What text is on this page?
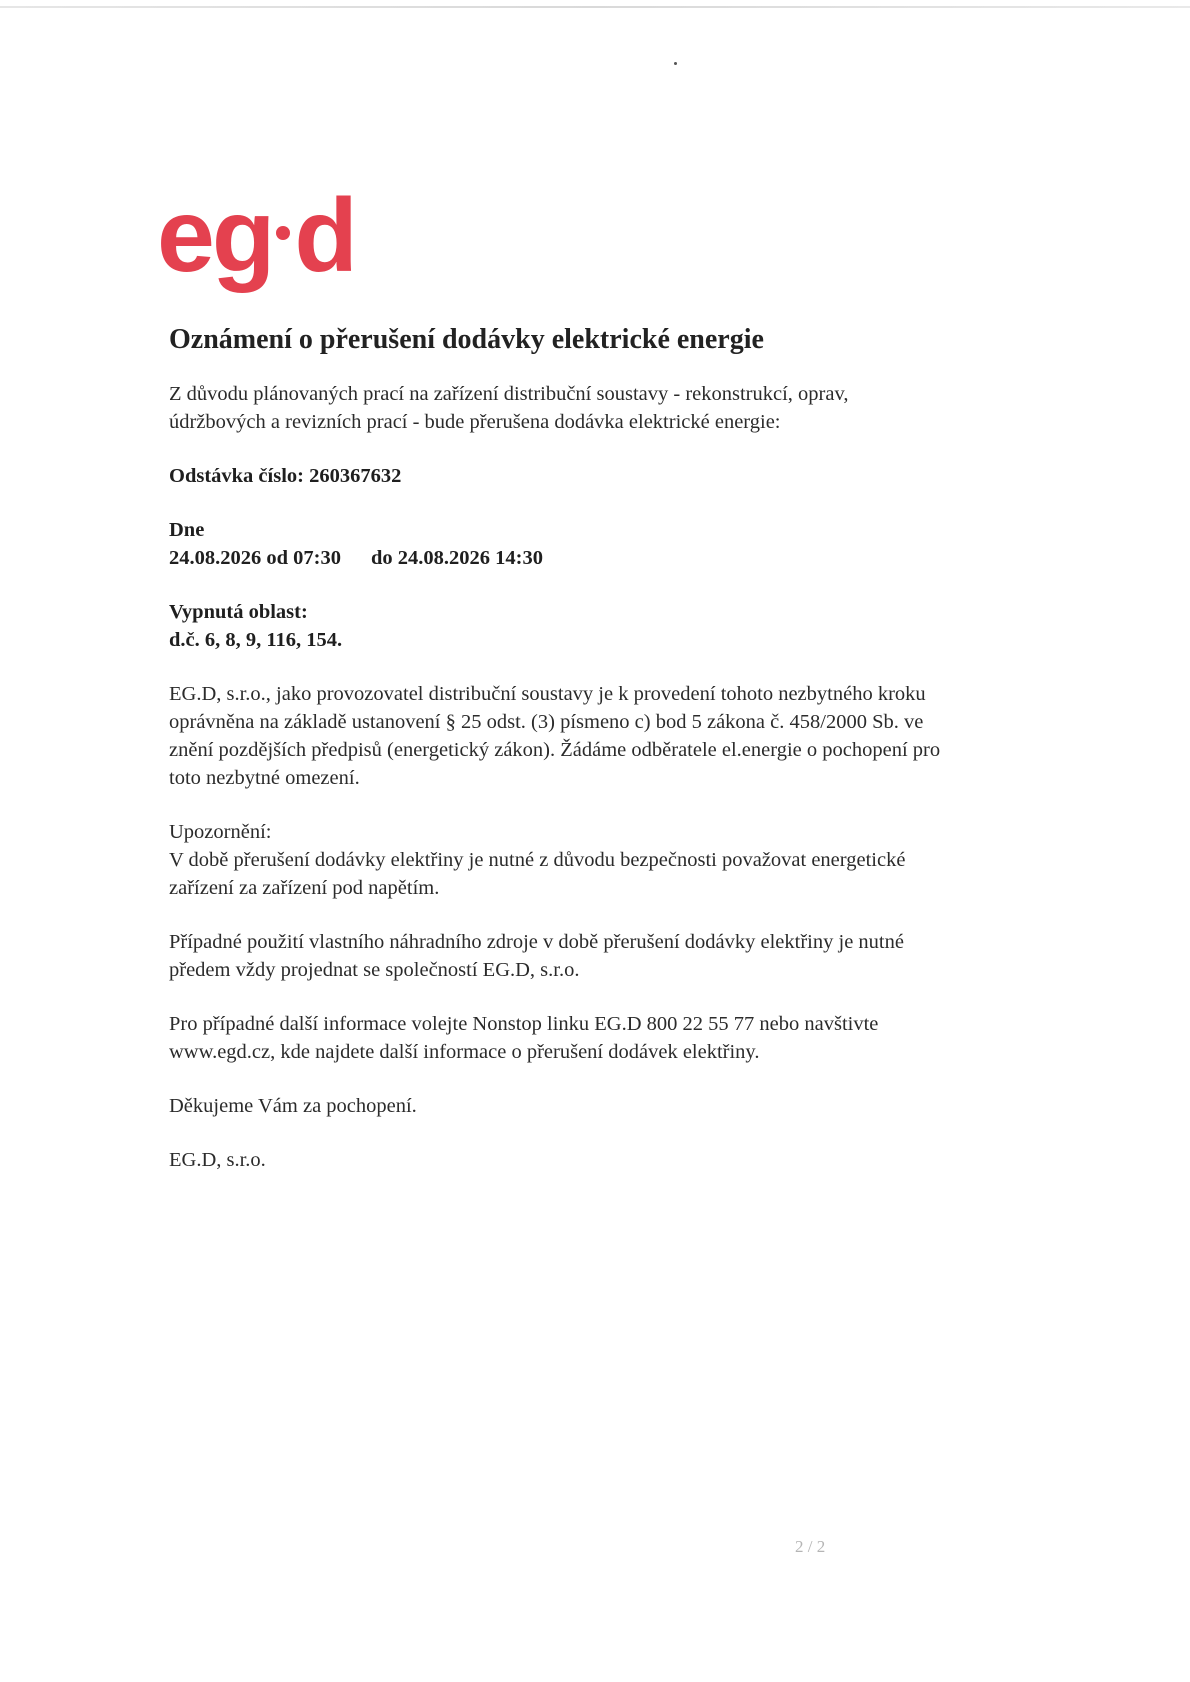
eg d
Oznámení o přerušení dodávky elektrické energie

Z důvodu plánovaných prací na zařízení distribuční soustavy - rekonstrukcí, oprav,

údržbových a revizních prací - bude přerušena dodávka elektrické energie:

Odstávka číslo: 260367632

Dne

24.08.2026 od 07:30 do 24.08.2026 14:30

Vypnutá oblast:

d.č. 6, 8, 9, 116, 154.

EG.D, s.r.o., jako provozovatel distribuční soustavy je k provedení tohoto nezbytného kroku

oprávněna na základě ustanovení § 25 odst. (3) písmeno c) bod 5 zákona č. 458/2000 Sb. ve

znění pozdějších předpisů (energetický zákon). Žádáme odběratele el.energie o pochopení pro

toto nezbytné omezení.

Upozornění:

V době přerušení dodávky elektřiny je nutné z důvodu bezpečnosti považovat energetické

zařízení za zařízení pod napětím.

Případné použití vlastního náhradního zdroje v době přerušení dodávky elektřiny je nutné

předem vždy projednat se společností EG.D, s.r.o.

Pro případné další informace volejte Nonstop linku EG.D 800 22 55 77 nebo navštivte

www.egd.cz, kde najdete další informace o přerušení dodávek elektřiny.

Děkujeme Vám za pochopení.

EG.D, s.r.o.

2 / 2
